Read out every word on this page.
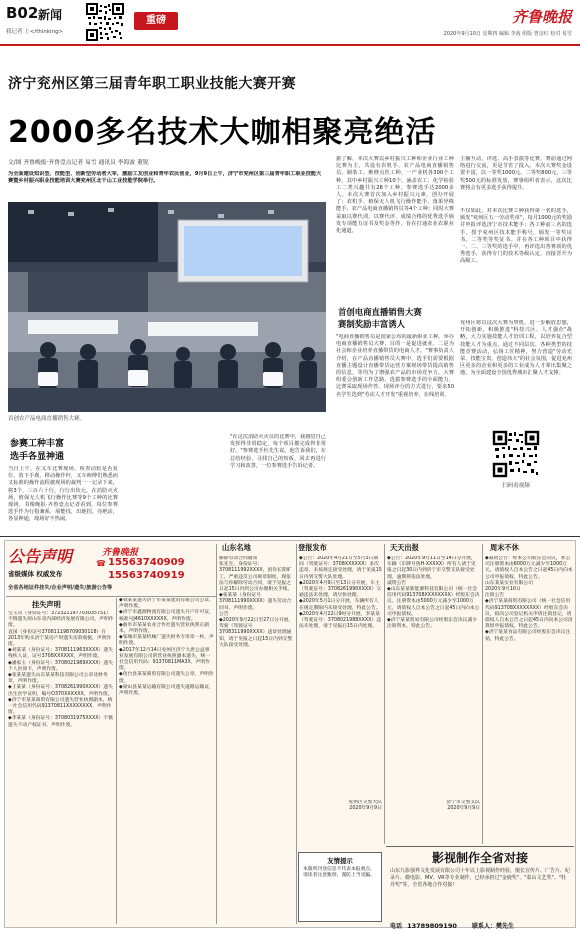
B02 新闻
我记者 上</thinking>
重磅	齐鲁晚报
2020年9月10日 星期四 编辑 李茜 组版 曾彦红 校对 易雪
济宁兖州区第三届青年职工职业技能大赛开赛
2000多名技术大咖相聚亮绝活
文/图 齐鲁晚报·齐鲁壹点记者 易雪 通讯员 李海波 董锐
为全面建设知识型、技能型、创新型劳动者大军，激励工友创业和青年农民创业，9月9日上午，济宁市兖州区第三届青年职工职业技能大赛暨乡村振兴职业技能培训大赛兖州区北干山工业技能学院举行。
首创农产品电商直播销售大赛。
参赛工种丰富
选手各显神通
当日上午，在又车比赛现场，检查动轮是否复位、放下手刹、移动操作杆，又车师傅们熟悉而又标准的操作流程被现场的裁判一一记录下来，将3个，三百六十行，行行出状元。在消防灭火场，值保无人机飞行操作比赛等9个工种的比赛现场，书像晚报·齐鲁壹点记者看到，每位参赛选手作为行指兼系，展能技，出她招，亮绝活，各显神通，现场好不热闹。
"在这次消防灭火员的比赛中，我感觉自己发挥得非常稳定，每个项目都完成得非常好。"参赛选手杜先生说。他告诉我们，在总结经验，寻找自己的短板，回去再进行学习和改善，一位参赛选手告诉记者。
据了解，本次大赛以乡村振兴工种和企业行业工种比赛为主，共设有农机手、农产品电商直播销售员、制茶工、维修点医工种、一产业机各300个工种，其中乡村振兴工种10个，涵盖农工、化学检验工二类兴趣共有28个工种，参赛选手达2000多人。本次大赛首次加入乡村振兴元素，创办开展了：农机手、植保无人机飞行操作能手，落果异株能手、农产品电商直播销售员等4个工种；同时大赛采取以赛代训，以赛代评、成绩合格的优秀选手颁发专项能力证书及奖金等作，旨在打通农业农职业化通道。
首创电商直播销售大赛
赛制奖励丰富诱人
"电商直播销售员是国家公布的最新职业工种，举办电商直播销售员大赛，目的一是促进就业，二是为社会和企业培养直播带货的电商人才。"赛事负责人介绍，在产品直播销售员大赛中，选手们需要根据直播主题设计直播带货运营方案现场带货提高销售的信息，等均为了增强农产品的市场竞争力。大赛组委会创新工作思路，选拔参赛选手的全面能力，比赛采取现场作答、现场评分的方式进行，要求50名学生选到"劳动人才开发"重视培养，在线培训。
主播互动，评选、高手表演等比赛，赛前通过网络进行交流，更是节省了投入。本次大赛奖金设置丰富，以一等奖1000元、二等奖800元、三等奖500元的标准发放，赛事组织者表示，这次比赛将会有更多选手获得提升。
不仅如此，对本次比赛工种获得第一名的选手，颁发"兖州区五一劳动奖章"，每月1000元的奖励并申报评选济宁市技术能手；各工种前三名的选手，授予兖州区技术能手称号，颁发一等奖证书、二等奖等奖证书。并在各工种项目中获得一、二、三等奖的选手中，再评选出各赛项的优秀选手，获得专门的技术等级认定，直接晋升为高级工。
兖州区将以这次大赛为契机，进一步解放思想，开拓创新，积极推进"科技兴区、人才强企"战略，大力实施技能人才培训工程，以培养复合型技能人才为重点，通过不同层次、各种类型的技能竞赛活动，弘扬工匠精神，努力营造"劳动光荣、技能宝贵、创造伟大"的社会氛围，促进兖州区更多的企业和更多的工业成为人才辈出集聚之地，为全面建设全国优秀城市汇聚人才支撑。
扫码看视频
公告声明	齐鲁晚报
省级媒体 权威发布
☎ 15563740909
15563740919
全省各地证件挂失/企业声明/遗失/旅游公告等
山东名地	登报发布	天天出报	周末不休
挂失声明
宝玉贞（身份证号：372321197703035751）不慎遗失原山东省内部经济发展有限公司，声明作废。
袁国（身份证号370811198709030118）在2013年购买济宁某房产时遗失房款收据，声明作废。
◆刘某某（身份证号：3708111963XXXX）遗失残疾人证，证号3708XXXXXX，声明作废。
◆潘家玉（身份证号：3708021989XXXX）遗失个人医保卡，声明作废。
◆张某某遗失山东某某科技有限公司公章及财务章，声明作废。
◆王某某（身份证号：3708261990XXXX）遗失出生医学证明，编号O370XXXXXX，声明作废。
◆济宁市某某商贸有限公司遗失营业执照副本，统一社会信用代码91370811XXXXXXXX，声明作废。
◆李某某（身份证号：3708031975XXXX）不慎遗失不动产权证书，声明作废。
◆刘某某遗失济宁市某某建筑有限公司公章，声明作废。
◆济宁市鑫源物流有限公司遗失开户许可证，核准号J4610XXXXXX，声明作废。
◆曲阜市某某农业合作社遗失营业执照正副本，声明作废。
◆邹城市某某机械厂遗失财务专用章一枚，声明作废。
◆2017年12月14日兖州区济宁大唐公益事业发展有限公司的营业执照副本遗失，统一社会信用代码：91370811MA3X，声明作废。
◆鱼台县某某商贸有限公司遗失公章，声明作废。
◆梁山县某某运输有限公司遗失道路运输证，声明作废。
解除劳动合同通知
张先生，身份证号：3708111992XXXX，因你长期旷工，严重违反公司规章制度，现依法与你解除劳动合同，请于见报之日起15日内到公司办理相关手续。
◆张某某（身份证号3708111990XXXX）遗失劳动合同书，声明作废。
公告
◆2020年9月22日至27日分开展，驾驶（驾驶证号3708311990XXXX）违章处理通知，请于见报之日起15日内到交警大队接受处理。
◆公告：2020年4月21日至5月3日期间（驾驶证号：3708XXXXXX）多次违章，未按规定接受处理，请于见报15日内到交警大队处理。
◆2020年4月9日至13日分开展，车主（驾驶证号：3708261990XXXX）交通违法未处理，请尽快处理。
◆2020年5月1日分开展，车辆所有人在规定期限内未接受处理，特此公告。
◆2020年4月22日9时分开展，李某某（驾驶证号：3708021988XXXX）违法未处理，请于见报后15日内处理。
兖州区交警大队
2020年9月9日
◆公告：2020年9月11日至14日分开展，车辆（车牌号鲁H·XXXXX）所有人请于见报之日起30日内到济宁市交警支队接受处理，逾期将依法处理。
减资公告
◆山东某某新能源科技有限公司（统一社会信用代码913708XXXXXXXX）经股东会决议，注册资本由5000万元减少至1000万元，请债权人自本公告之日起45日内向本公司申报债权。
◆济宁某某贸易有限公司经股东会决议减少注册资本，特此公告。
济宁市交警支队
2020年9月9日
◆减资公告：经本公司股东会决议，本公司注册资本由6000万元减少至1000万元，请债权人自本公告之日起45日内向本公司申报债权，特此公告。
山东某某实业有限公司
2020年9月10日
注销公告
◆济宁某某商贸有限公司（统一社会信用代码913708XXXXXXXX）经股东会决议，拟向公司登记机关申请注销登记，请债权人自本公告之日起45日内向本公司清算组申报债权，特此公告。
◆济宁某某食品有限公司经股东会决议注销，特此公告。
友情提示
本版所刊登信息不代表本报观点，请读者注意甄别，谨防上当受骗。
影视制作全省对接
山东九影强界文化发展有限公司十年以上影视制作经验，擅长宣传片、广告片、纪录片、微电影、MV、VR等专业制作，已经承担过"金鹿奖"、"泰山文艺奖"、"牡丹奖"等，全省各地合作对接！
电话 13789809190	联系人：樊先生
